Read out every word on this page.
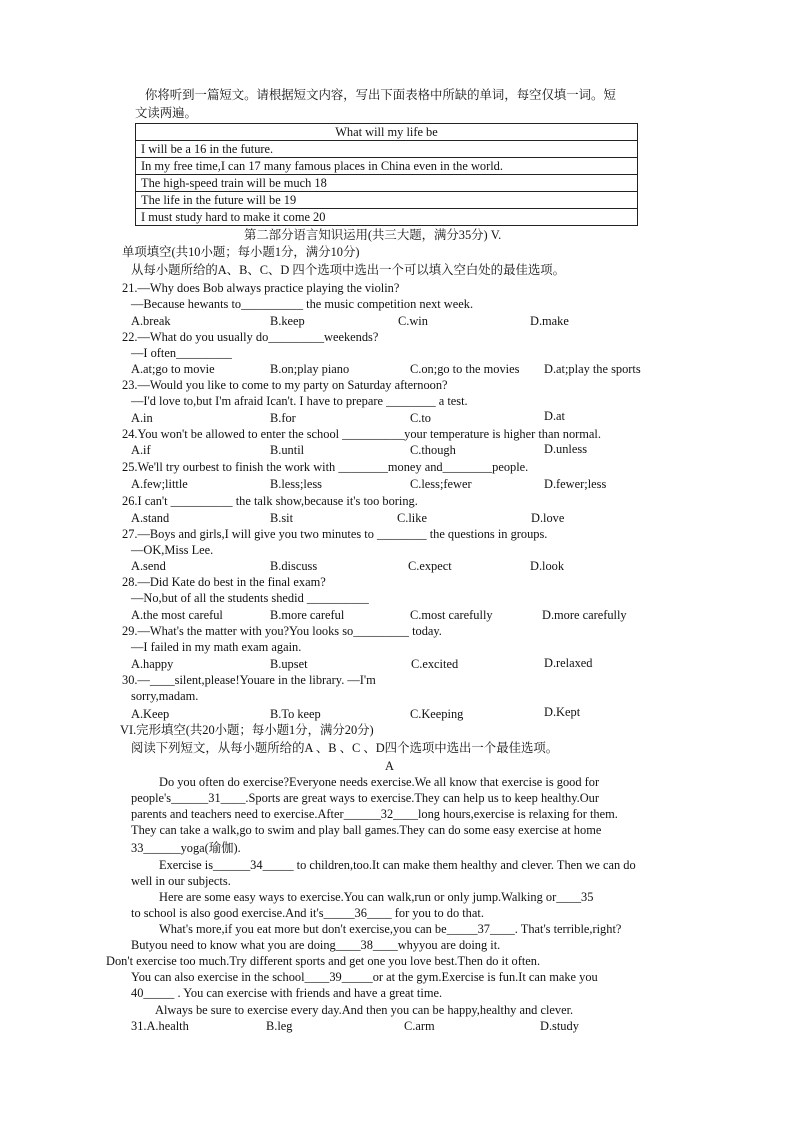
你将听到一篇短文。请根据短文内容，写出下面表格中所缺的单词，每空仅填一词。短
文读两遍。
What will my life be
I will be a 16 in the future.
In my free time,I can 17 many famous places in China even in the world.
The high-speed train will be much 18
The life in the future will be 19
I must study hard to make it come 20
第二部分语言知识运用(共三大题，满分35分) V.
单项填空(共10小题；每小题1分，满分10分)
从每小题所给的A、B、C、D 四个选项中选出一个可以填入空白处的最佳选项。
21.—Why does Bob always practice playing the violin?
—Because hewants to__________ the music competition next week.
A.break	B.keep	C.win	D.make
22.—What do you usually do_________weekends?
—I often_________
A.at;go to movie	B.on;play piano	C.on;go to the movies D.at;play the sports
23.—Would you like to come to my party on Saturday afternoon?
—I'd love to,but I'm afraid Ican't. I have to prepare ________ a test.
A.in	B.for	C.to	D.at
24.You won't be allowed to enter the school __________your temperature is higher than normal.
A.if	B.until	C.though	D.unless
25.We'll try ourbest to finish the work with ________money and________people.
A.few;little	B.less;less	C.less;fewer	D.fewer;less
26.I can't __________ the talk show,because it's too boring.
A.stand	B.sit	C.like	D.love
27.—Boys and girls,I will give you two minutes to ________ the questions in groups.
—OK,Miss Lee.
A.send	B.discuss	C.expect	D.look
28.—Did Kate do best in the final exam?
—No,but of all the students shedid __________
A.the most careful	B.more careful	C.most carefully	D.more carefully
29.—What's the matter with you?You looks so_________ today.
—I failed in my math exam again.
A.happy	B.upset	C.excited	D.relaxed
30.—____silent,please!Youare in the library. —I'm
sorry,madam.
A.Keep	B.To keep	C.Keeping	D.Kept
VI.完形填空(共20小题；每小题1分，满分20分)
阅读下列短文，从每小题所给的A 、B 、C 、D四个选项中选出一个最佳选项。
A
Do you often do exercise?Everyone needs exercise.We all know that exercise is good for
people's______31____.Sports are great ways to exercise.They can help us to keep healthy.Our
parents and teachers need to exercise.After______32____long hours,exercise is relaxing for them.
They can take a walk,go to swim and play ball games.They can do some easy exercise at home
33______yoga(瑜伽).
Exercise is______34_____ to children,too.It can make them healthy and clever. Then we can do
well in our subjects.
Here are some easy ways to exercise.You can walk,run or only jump.Walking or____35
to school is also good exercise.And it's_____36____ for you to do that.
What's more,if you eat more but don't exercise,you can be_____37____. That's terrible,right?
Butyou need to know what you are doing____38____whyyou are doing it.
Don't exercise too much.Try different sports and get one you love best.Then do it often.
You can also exercise in the school____39_____or at the gym.Exercise is fun.It can make you
40_____ . You can exercise with friends and have a great time.
Always be sure to exercise every day.And then you can be happy,healthy and clever.
31.A.health	B.leg	C.arm	D.study
